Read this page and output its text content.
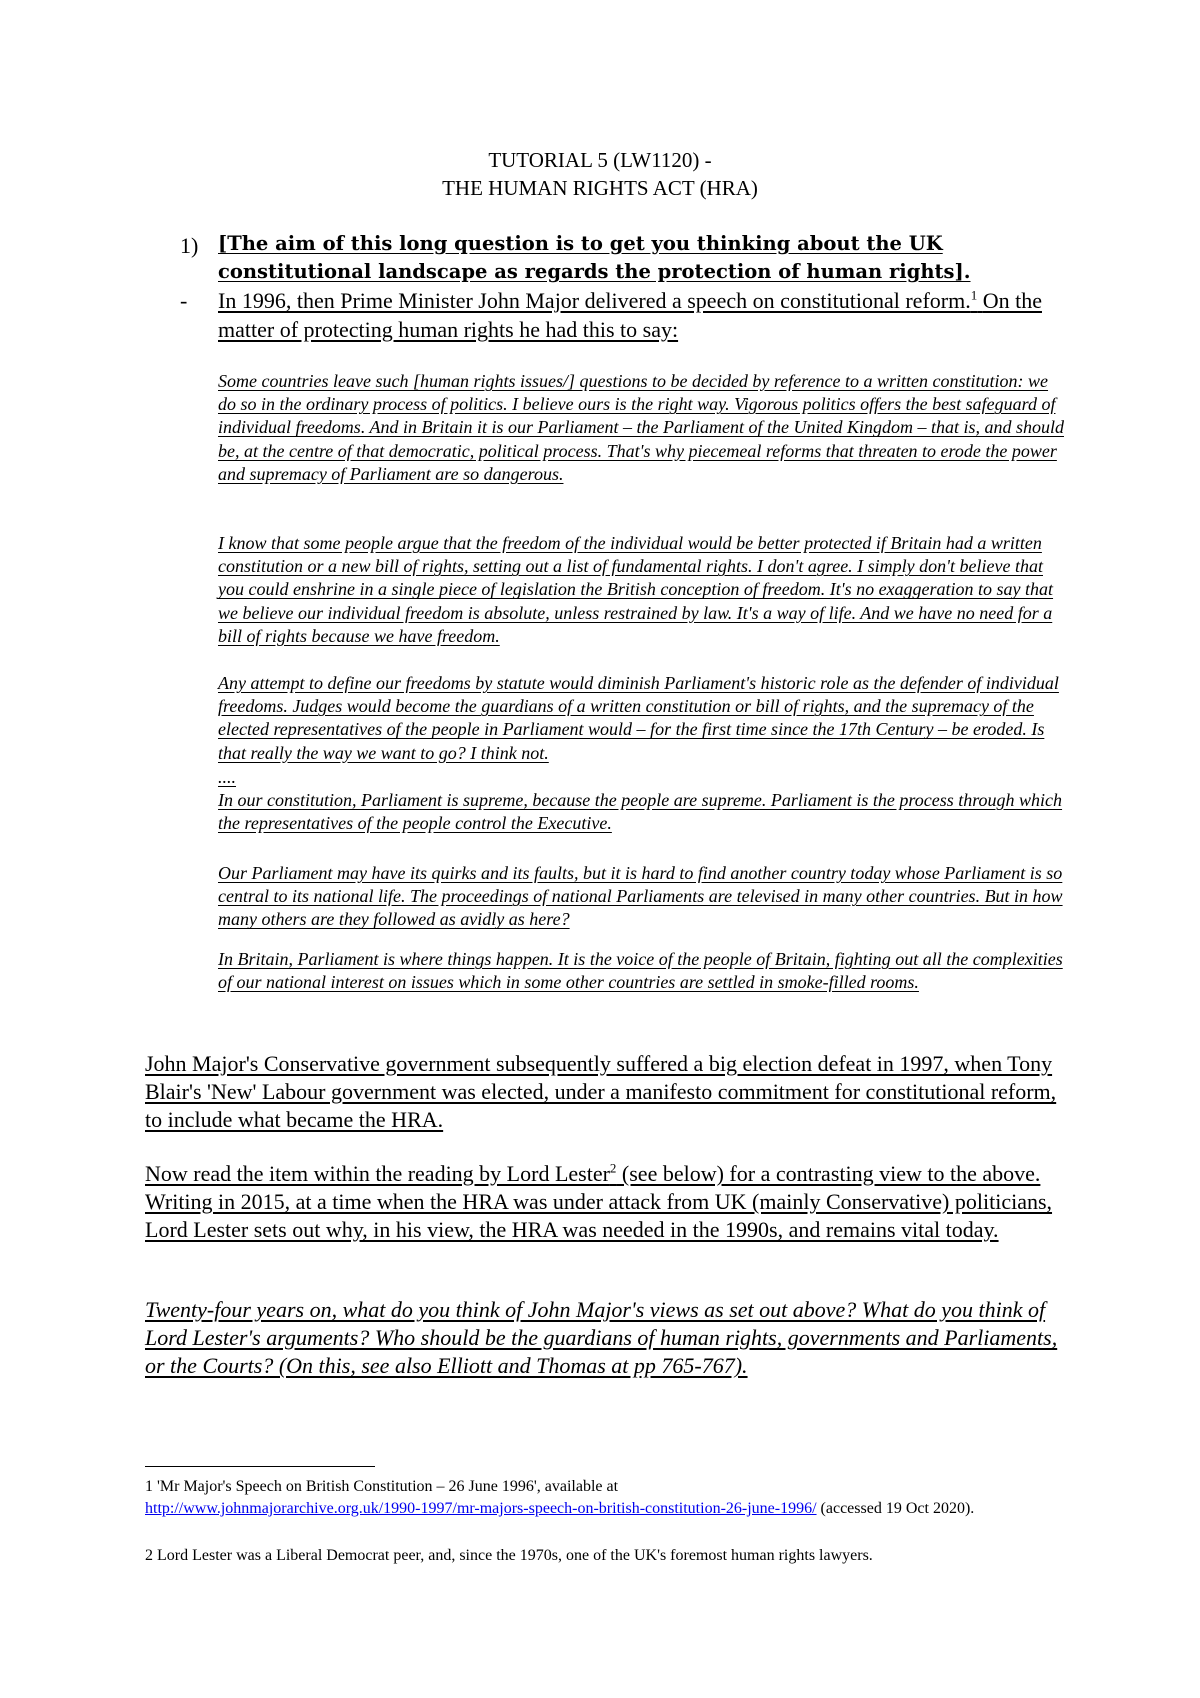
TUTORIAL 5 (LW1120) -
THE HUMAN RIGHTS ACT (HRA)
1) [The aim of this long question is to get you thinking about the UK constitutional landscape as regards the protection of human rights].

- In 1996, then Prime Minister John Major delivered a speech on constitutional reform.$^1$ On the matter of protecting human rights he had this to say:

Some countries leave such [human rights issues/] questions to be decided by reference to a written constitution: we do so in the ordinary process of politics. I believe ours is the right way. Vigorous politics offers the best safeguard of individual freedoms. And in Britain it is our Parliament – the Parliament of the United Kingdom – that is, and should be, at the centre of that democratic, political process. That's why piecemeal reforms that threaten to erode the power and supremacy of Parliament are so dangerous.

I know that some people argue that the freedom of the individual would be better protected if Britain had a written constitution or a new bill of rights, setting out a list of fundamental rights. I don't agree. I simply don't believe that you could enshrine in a single piece of legislation the British conception of freedom. It's no exaggeration to say that we believe our individual freedom is absolute, unless restrained by law. It's a way of life. And we have no need for a bill of rights because we have freedom.

Any attempt to define our freedoms by statute would diminish Parliament's historic role as the defender of individual freedoms. Judges would become the guardians of a written constitution or bill of rights, and the supremacy of the elected representatives of the people in Parliament would – for the first time since the 17th Century – be eroded. Is that really the way we want to go? I think not.

....

In our constitution, Parliament is supreme, because the people are supreme. Parliament is the process through which the representatives of the people control the Executive.

Our Parliament may have its quirks and its faults, but it is hard to find another country today whose Parliament is so central to its national life. The proceedings of national Parliaments are televised in many other countries. But in how many others are they followed as avidly as here?

In Britain, Parliament is where things happen. It is the voice of the people of Britain, fighting out all the complexities of our national interest on issues which in some other countries are settled in smoke-filled rooms.

John Major's Conservative government subsequently suffered a big election defeat in 1997, when Tony Blair's 'New' Labour government was elected, under a manifesto commitment for constitutional reform, to include what became the HRA.

Now read the item within the reading by Lord Lester$^2$ (see below) for a contrasting view to the above. Writing in 2015, at a time when the HRA was under attack from UK (mainly Conservative) politicians, Lord Lester sets out why, in his view, the HRA was needed in the 1990s, and remains vital today.

Twenty-four years on, what do you think of John Major's views as set out above? What do you think of Lord Lester's arguments? Who should be the guardians of human rights, governments and Parliaments, or the Courts? (On this, see also Elliott and Thomas at pp 765-767).

1 'Mr Major's Speech on British Constitution – 26 June 1996', available at
http://www.johnmajorarchive.org.uk/1990-1997/mr-majors-speech-on-british-constitution-26-june-1996/ (accessed 19 Oct 2020).

2 Lord Lester was a Liberal Democrat peer, and, since the 1970s, one of the UK's foremost human rights lawyers.
